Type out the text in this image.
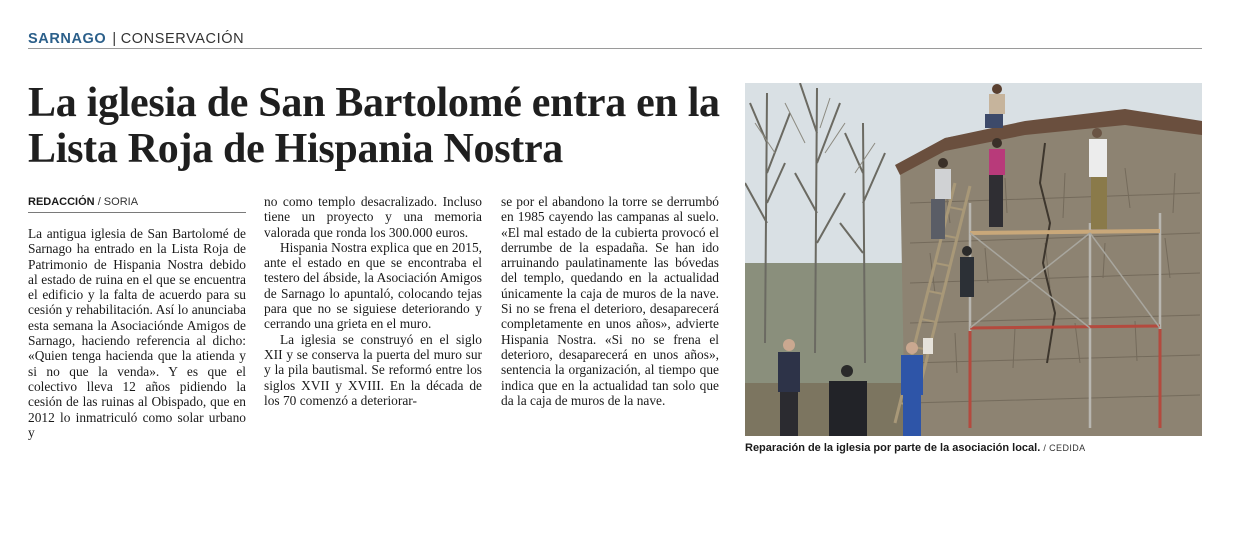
SARNAGO | CONSERVACIÓN
La iglesia de San Bartolomé entra en la Lista Roja de Hispania Nostra
REDACCIÓN / SORIA

La antigua iglesia de San Bartolomé de Sarnago ha entrado en la Lista Roja de Patrimonio de Hispania Nostra debido al estado de ruina en el que se encuentra el edificio y la falta de acuerdo para su cesión y rehabilitación. Así lo anunciaba esta semana la Asociaciónde Amigos de Sarnago, haciendo referencia al dicho: «Quien tenga hacienda que la atienda y si no que la venda». Y es que el colectivo lleva 12 años pidiendo la cesión de las ruinas al Obispado, que en 2012 lo inmatriculó como solar urbano y

no como templo desacralizado. Incluso tiene un proyecto y una memoria valorada que ronda los 300.000 euros.

Hispania Nostra explica que en 2015, ante el estado en que se encontraba el testero del ábside, la Asociación Amigos de Sarnago lo apuntaló, colocando tejas para que no se siguiese deteriorando y cerrando una grieta en el muro.

La iglesia se construyó en el siglo XII y se conserva la puerta del muro sur y la pila bautismal. Se reformó entre los siglos XVII y XVIII. En la década de los 70 comenzó a deteriorar-

se por el abandono la torre se derrumbó en 1985 cayendo las campanas al suelo. «El mal estado de la cubierta provocó el derrumbe de la espadaña. Se han ido arruinando paulatinamente las bóvedas del templo, quedando en la actualidad únicamente la caja de muros de la nave. Si no se frena el deterioro, desaparecerá completamente en unos años», advierte Hispania Nostra. «Si no se frena el deterioro, desaparecerá en unos años», sentencia la organización, al tiempo que indica que en la actualidad tan solo que da la caja de muros de la nave.

Reparación de la iglesia por parte de la asociación local. / CEDIDA
